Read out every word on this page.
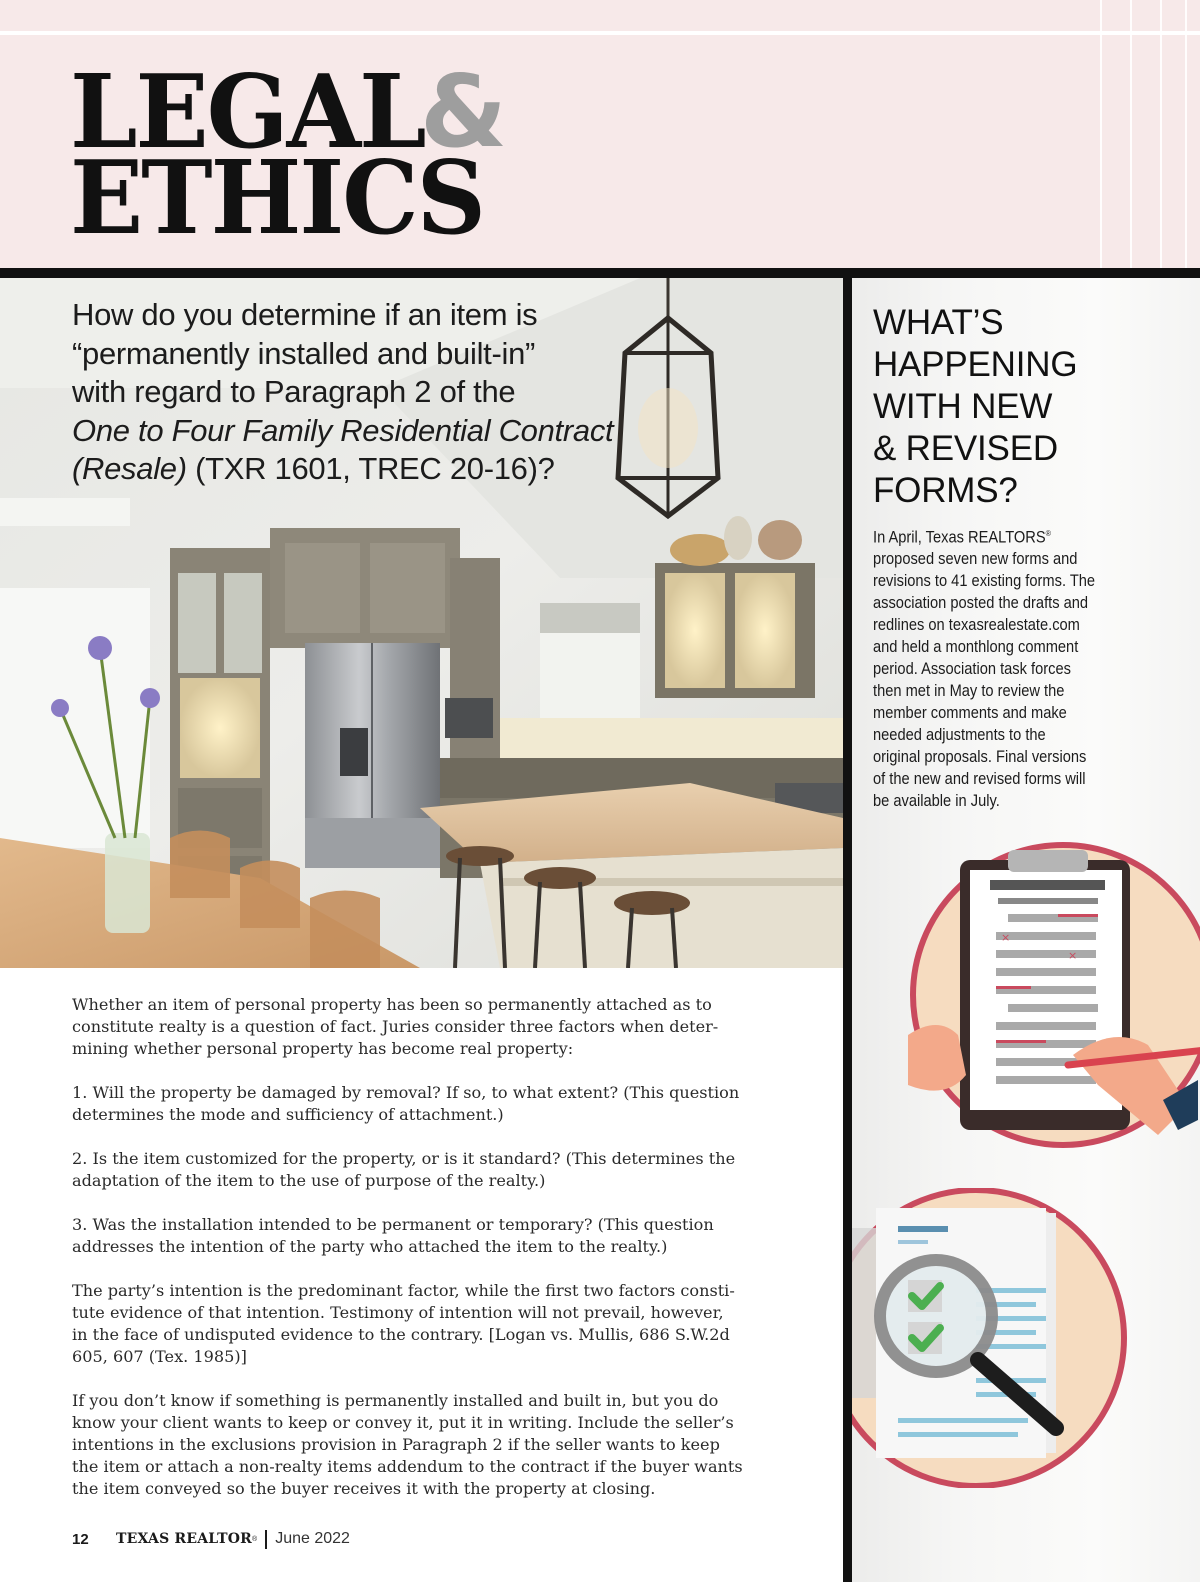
LEGAL
&
ETHICS
How do you determine if an item is
“permanently installed and built-in”
with regard to Paragraph 2 of the
One to Four Family Residential Contract
(Resale) (TXR 1601, TREC 20-16)?

Whether an item of personal property has been so permanently attached as to
constitute realty is a question of fact. Juries consider three factors when deter-
mining whether personal property has become real property:

1. Will the property be damaged by removal? If so, to what extent? (This question
determines the mode and sufficiency of attachment.)

2. Is the item customized for the property, or is it standard? (This determines the
adaptation of the item to the use of purpose of the realty.)

3. Was the installation intended to be permanent or temporary? (This question
addresses the intention of the party who attached the item to the realty.)

The party’s intention is the predominant factor, while the first two factors consti-
tute evidence of that intention. Testimony of intention will not prevail, however,
in the face of undisputed evidence to the contrary. [Logan vs. Mullis, 686 S.W.2d
605, 607 (Tex. 1985)]

If you don’t know if something is permanently installed and built in, but you do
know your client wants to keep or convey it, put it in writing. Include the seller’s
intentions in the exclusions provision in Paragraph 2 if the seller wants to keep
the item or attach a non-realty items addendum to the contract if the buyer wants
the item conveyed so the buyer receives it with the property at closing.

12	TEXAS REALTOR ® June 2022
WHAT’S
HAPPENING
WITH NEW
& REVISED
FORMS?
In April, Texas REALTORS®
proposed seven new forms and
revisions to 41 existing forms. The
association posted the drafts and
redlines on texasrealestate.com
and held a monthlong comment
period. Association task forces
then met in May to review the
member comments and make
needed adjustments to the
original proposals. Final versions
of the new and revised forms will
be available in July.
×
×
